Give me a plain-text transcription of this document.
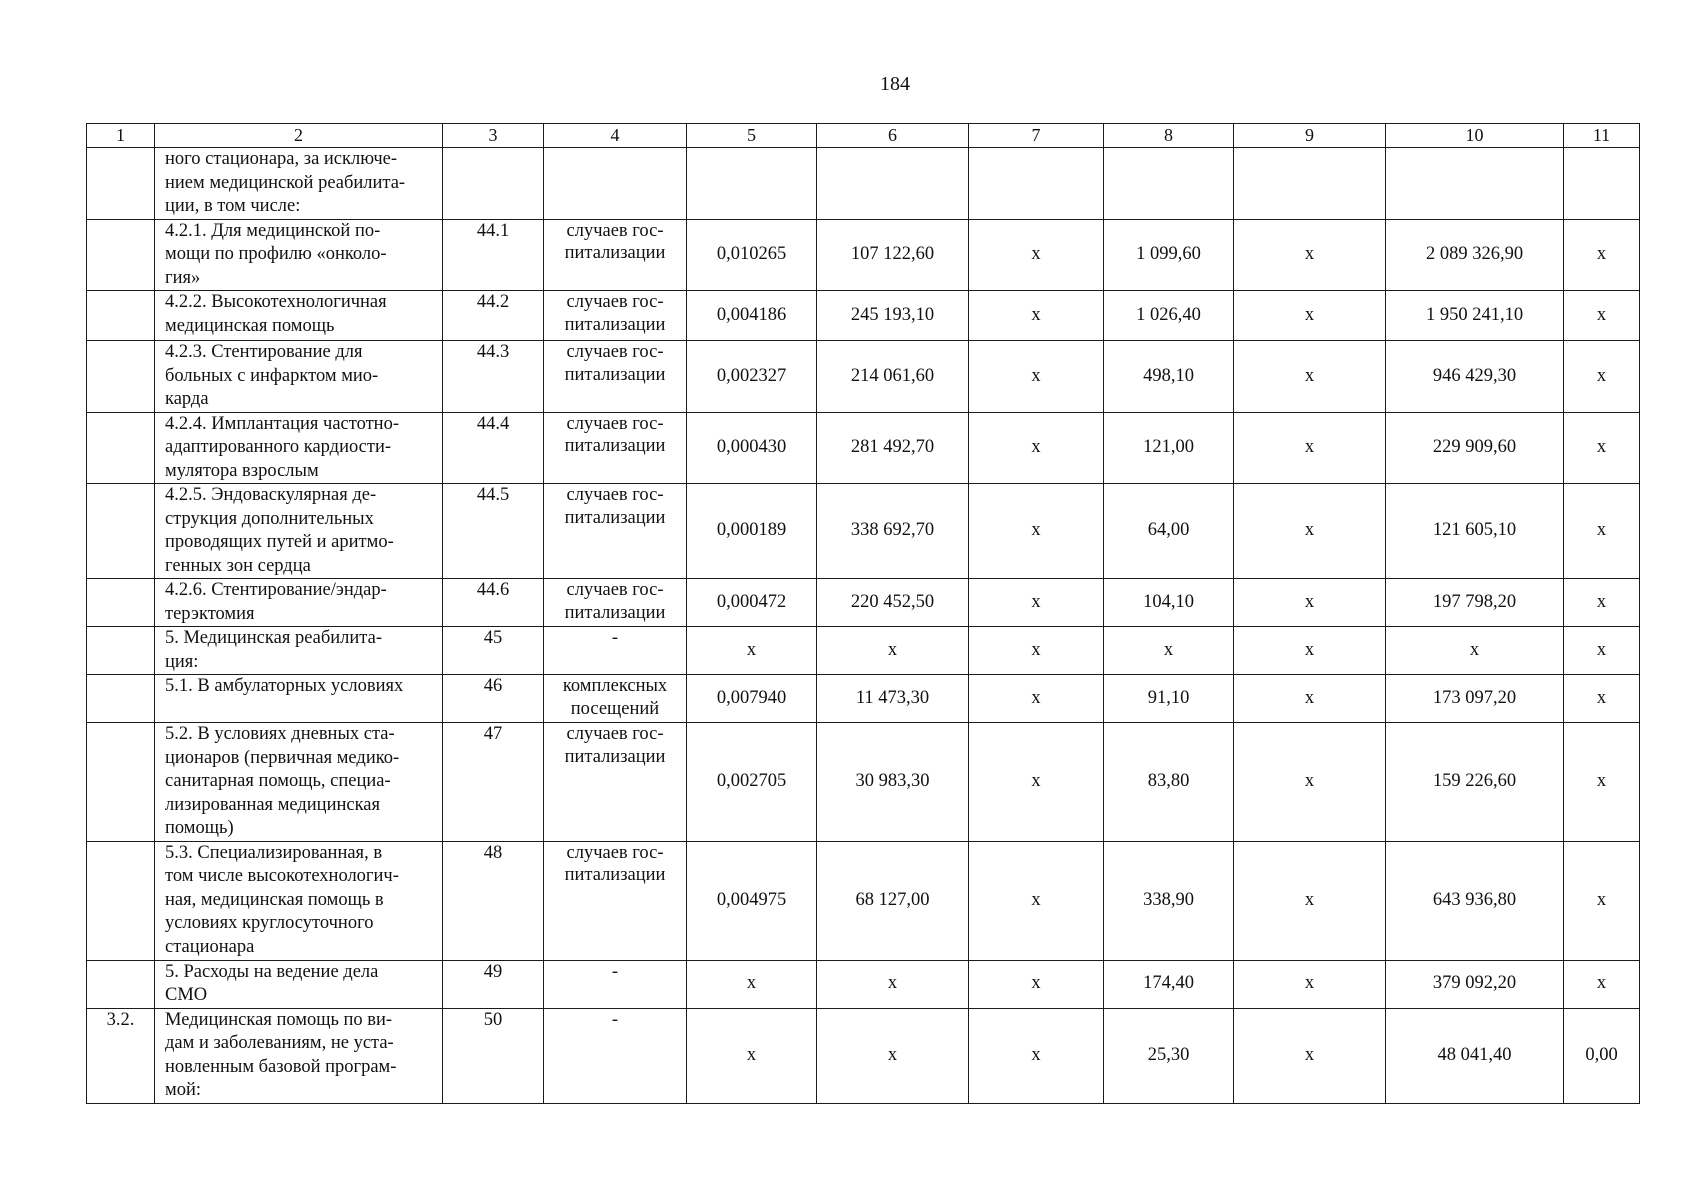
184
1	2	3	4	5	6	7	8	9	10	11
	ного стационара, за исключе-
нием медицинской реабилита-
ции, в том числе:									
	4.2.1. Для медицинской по-
мощи по профилю «онколо-
гия»	44.1	случаев гос-
питализации	0,010265	107 122,60	х	1 099,60	х	2 089 326,90	х
	4.2.2. Высокотехнологичная
медицинская помощь	44.2	случаев гос-
питализации	0,004186	245 193,10	х	1 026,40	х	1 950 241,10	х
	4.2.3. Стентирование для
больных с инфарктом мио-
карда	44.3	случаев гос-
питализации	0,002327	214 061,60	х	498,10	х	946 429,30	х
	4.2.4. Имплантация частотно-
адаптированного кардиости-
мулятора взрослым	44.4	случаев гос-
питализации	0,000430	281 492,70	х	121,00	х	229 909,60	х
	4.2.5. Эндоваскулярная де-
струкция дополнительных
проводящих путей и аритмо-
генных зон сердца	44.5	случаев гос-
питализации	0,000189	338 692,70	х	64,00	х	121 605,10	х
	4.2.6. Стентирование/эндар-
терэктомия	44.6	случаев гос-
питализации	0,000472	220 452,50	х	104,10	х	197 798,20	х
	5. Медицинская реабилита-
ция:	45	-	х	х	х	х	х	х	х
	5.1. В амбулаторных условиях	46	комплексных
посещений	0,007940	11 473,30	х	91,10	х	173 097,20	х
	5.2. В условиях дневных ста-
ционаров (первичная медико-
санитарная помощь, специа-
лизированная медицинская
помощь)	47	случаев гос-
питализации	0,002705	30 983,30	х	83,80	х	159 226,60	х
	5.3. Специализированная, в
том числе высокотехнологич-
ная, медицинская помощь в
условиях круглосуточного
стационара	48	случаев гос-
питализации	0,004975	68 127,00	х	338,90	х	643 936,80	х
	5. Расходы на ведение дела
СМО	49	-	х	х	х	174,40	х	379 092,20	х
3.2.	Медицинская помощь по ви-
дам и заболеваниям, не уста-
новленным базовой програм-
мой:	50	-	х	х	х	25,30	х	48 041,40	0,00
